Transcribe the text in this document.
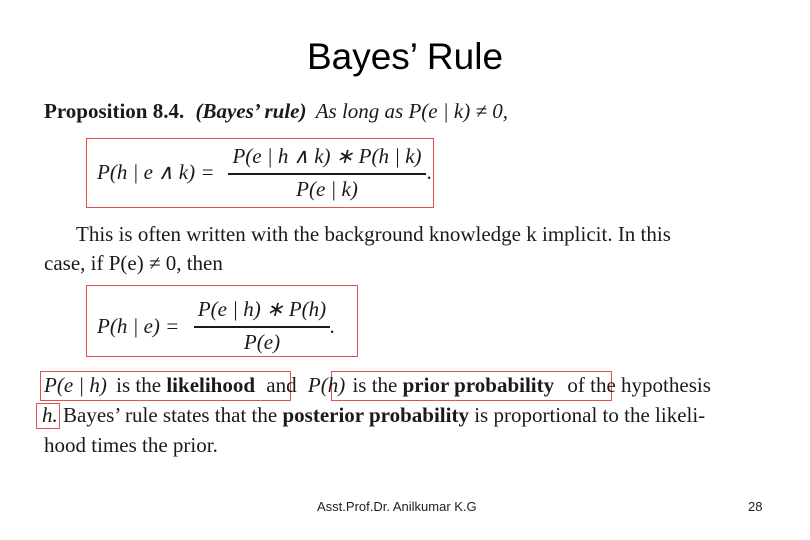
Bayes’ Rule
Proposition 8.4. (Bayes’ rule) As long as P(e | k) ≠ 0,
P(h | e ∧ k) =
P(e | h ∧ k) ∗ P(h | k)
P(e | k)
.
This is often written with the background knowledge k implicit. In this
case, if P(e) ≠ 0, then
P(h | e) =
P(e | h) ∗ P(h)
P(e)
.
P(e | h) is the likelihood and P(h) is the prior probability of the hypothesis
h. Bayes’ rule states that the posterior probability is proportional to the likeli-
hood times the prior.
Asst.Prof.Dr. Anilkumar K.G	28
